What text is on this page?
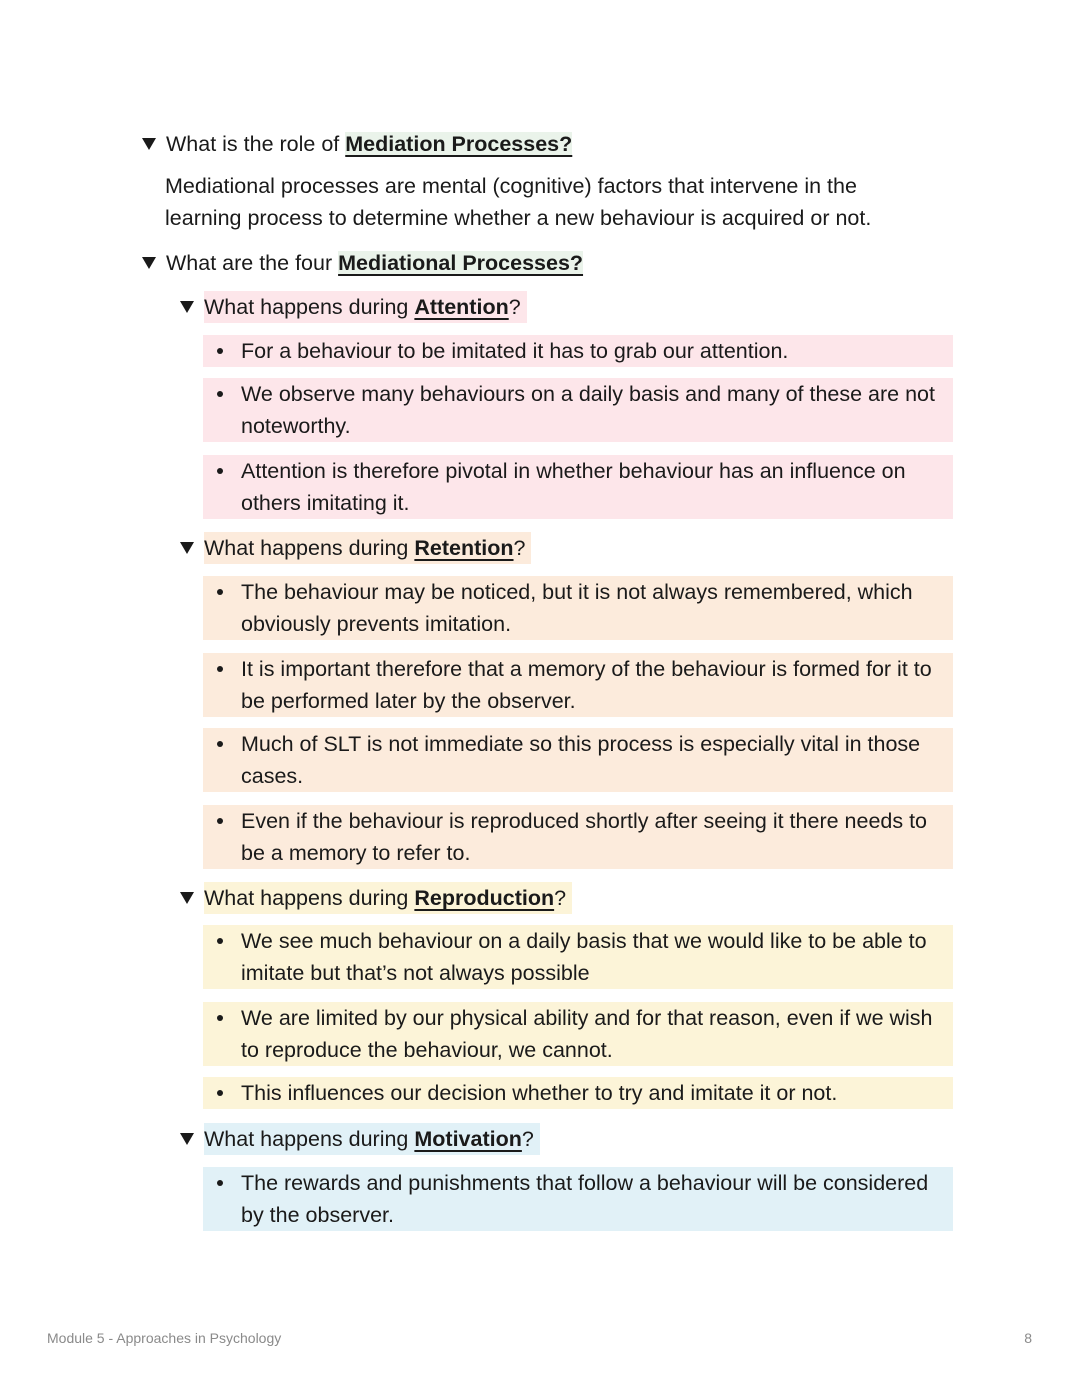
What is the role of Mediation Processes?
Mediational processes are mental (cognitive) factors that intervene in the learning process to determine whether a new behaviour is acquired or not.
What are the four Mediational Processes?
What happens during Attention?
For a behaviour to be imitated it has to grab our attention.
We observe many behaviours on a daily basis and many of these are not noteworthy.
Attention is therefore pivotal in whether behaviour has an influence on others imitating it.
What happens during Retention?
The behaviour may be noticed, but it is not always remembered, which obviously prevents imitation.
It is important therefore that a memory of the behaviour is formed for it to be performed later by the observer.
Much of SLT is not immediate so this process is especially vital in those cases.
Even if the behaviour is reproduced shortly after seeing it there needs to be a memory to refer to.
What happens during Reproduction?
We see much behaviour on a daily basis that we would like to be able to imitate but that’s not always possible
We are limited by our physical ability and for that reason, even if we wish to reproduce the behaviour, we cannot.
This influences our decision whether to try and imitate it or not.
What happens during Motivation?
The rewards and punishments that follow a behaviour will be considered by the observer.
Module 5 - Approaches in Psychology	8
